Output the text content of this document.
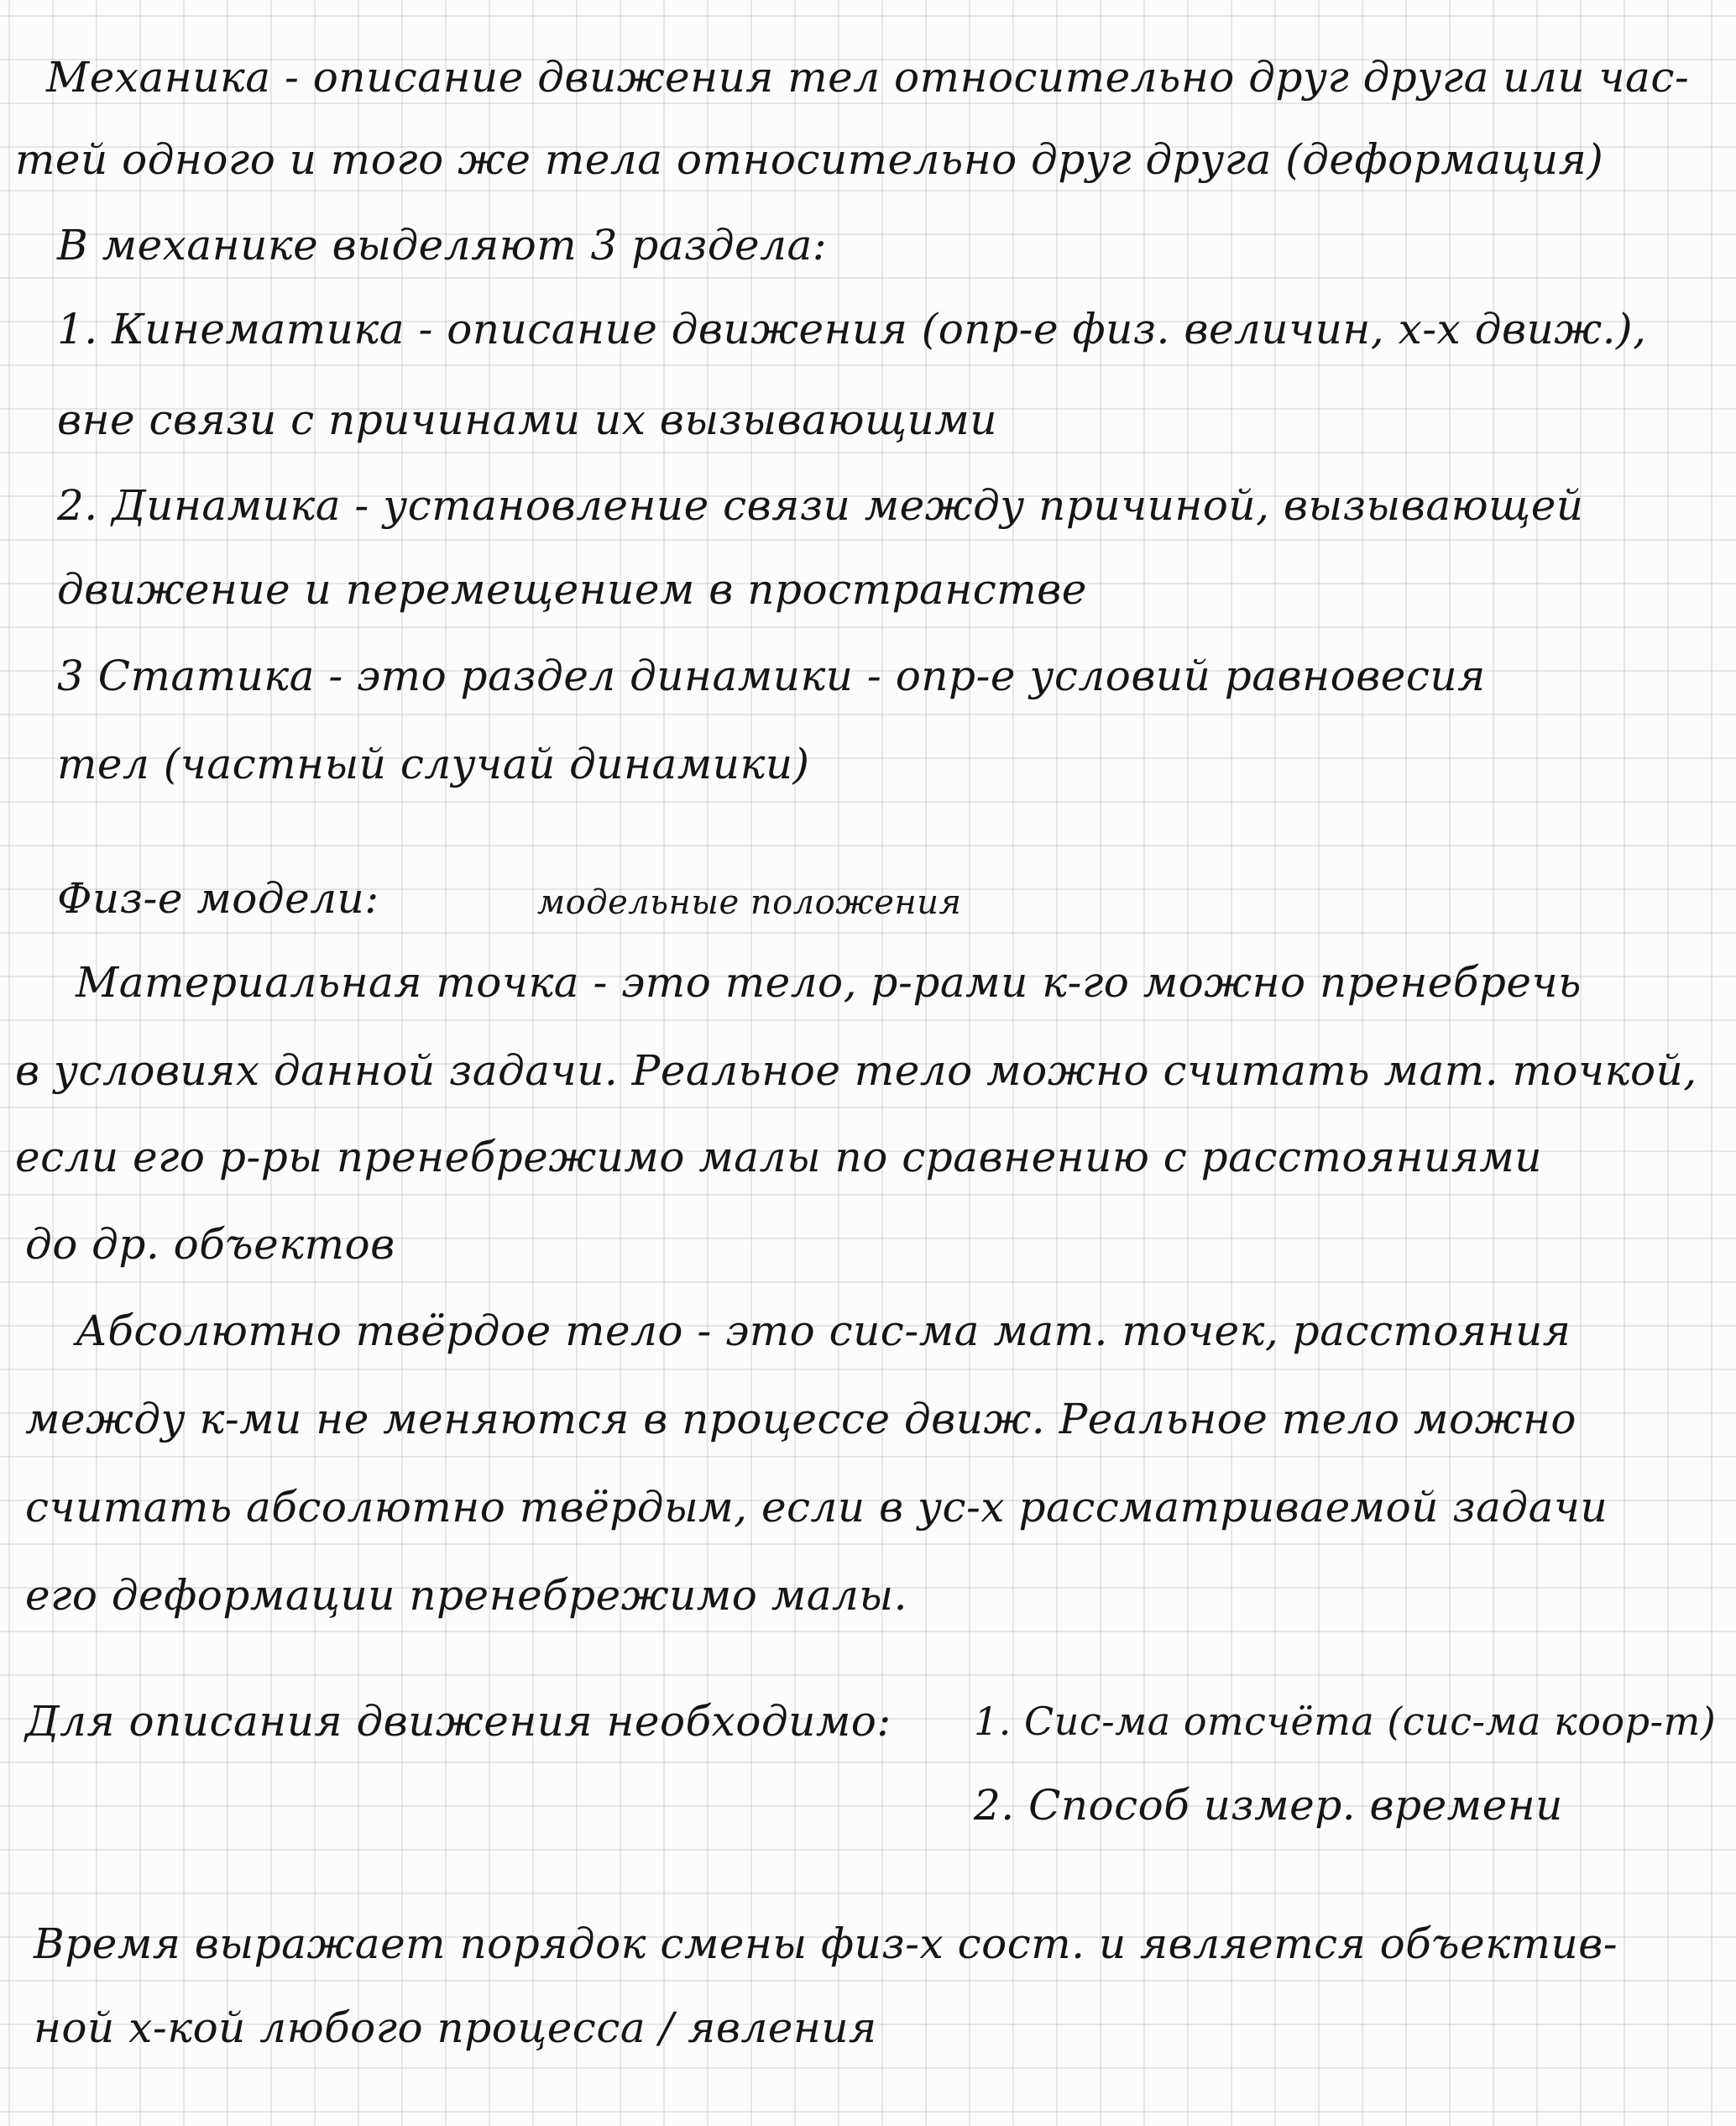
Механика - описание движения тел относительно друг друга или час-
тей одного и того же тела относительно друг друга (деформация)
В механике выделяют 3 раздела:
1. Кинематика - описание движения (опр-е физ. величин, х-х движ.),
вне связи с причинами их вызывающими
2. Динамика - установление связи между причиной, вызывающей
движение и перемещением в пространстве
3 Статика - это раздел динамики - опр-е условий равновесия
тел (частный случай динамики)
Физ-е модели:	модельные положения
Материальная точка - это тело, р-рами к-го можно пренебречь
в условиях данной задачи. Реальное тело можно считать мат. точкой,
если его р-ры пренебрежимо малы по сравнению с расстояниями
до др. объектов
Абсолютно твёрдое тело - это сис-ма мат. точек, расстояния
между к-ми не меняются в процессе движ. Реальное тело можно
считать абсолютно твёрдым, если в ус-х рассматриваемой задачи
его деформации пренебрежимо малы.
Для описания движения необходимо: 1. Сис-ма отсчёта (сис-ма коор-т)
2. Способ измер. времени
Время выражает порядок смены физ-х сост. и является объектив-
ной х-кой любого процесса / явления
